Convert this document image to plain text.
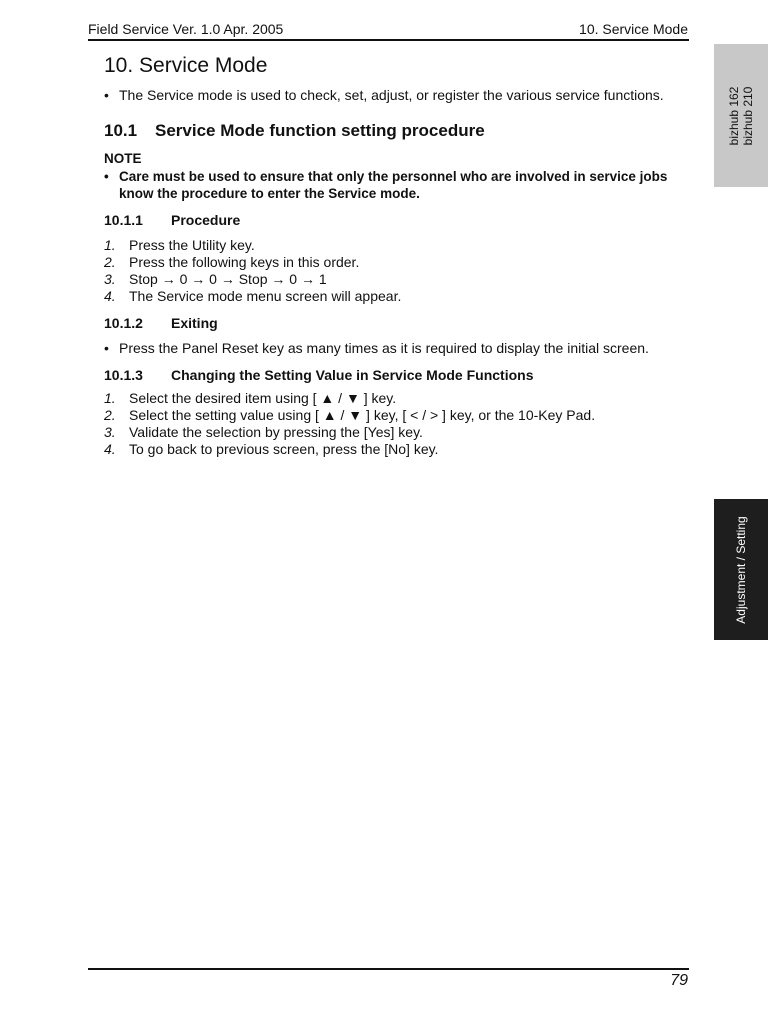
Field Service Ver. 1.0 Apr. 2005	10. Service Mode
bizhub 162 bizhub 210
Adjustment / Setting
10. Service Mode
• The Service mode is used to check, set, adjust, or register the various service functions.
10.1 Service Mode function setting procedure
NOTE
• Care must be used to ensure that only the personnel who are involved in service jobs know the procedure to enter the Service mode.
10.1.1 Procedure
1. Press the Utility key.
2. Press the following keys in this order.
3. Stop → 0 → 0 → Stop → 0 → 1
4. The Service mode menu screen will appear.
10.1.2 Exiting
• Press the Panel Reset key as many times as it is required to display the initial screen.
10.1.3 Changing the Setting Value in Service Mode Functions
1. Select the desired item using [ ▲ / ▼ ] key.
2. Select the setting value using [ ▲ / ▼ ] key, [ < / > ] key, or the 10-Key Pad.
3. Validate the selection by pressing the [Yes] key.
4. To go back to previous screen, press the [No] key.
79
